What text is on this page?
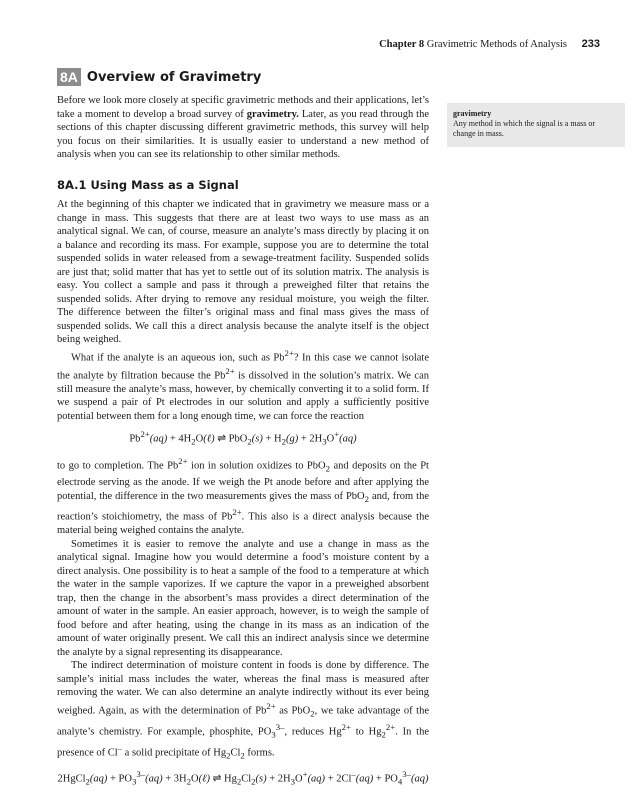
Chapter 8 Gravimetric Methods of Analysis 233
8A Overview of Gravimetry

Before we look more closely at specific gravimetric methods and their applications, let’s take a moment to develop a broad survey of gravimetry. Later, as you read through the sections of this chapter discussing different gravimetric methods, this survey will help you focus on their similarities. It is usually easier to understand a new method of analysis when you can see its relationship to other similar methods.

gravimetry
Any method in which the signal is a mass or change in mass.
8A.1 Using Mass as a Signal

At the beginning of this chapter we indicated that in gravimetry we measure mass or a change in mass. This suggests that there are at least two ways to use mass as an analytical signal. We can, of course, measure an analyte’s mass directly by placing it on a balance and recording its mass. For example, suppose you are to determine the total suspended solids in water released from a sewage-treatment facility. Suspended solids are just that; solid matter that has yet to settle out of its solution matrix. The analysis is easy. You collect a sample and pass it through a preweighed filter that retains the suspended solids. After drying to remove any residual moisture, you weigh the filter. The difference between the filter’s original mass and final mass gives the mass of suspended solids. We call this a direct analysis because the analyte itself is the object being weighed.

What if the analyte is an aqueous ion, such as $Pb^{2+}$? In this case we cannot isolate the analyte by filtration because the $Pb^{2+}$ is dissolved in the solution’s matrix. We can still measure the analyte’s mass, however, by chemically converting it to a solid form. If we suspend a pair of Pt electrodes in our solution and apply a sufficiently positive potential between them for a long enough time, we can force the reaction

$Pb^{2+}(aq)$ + $4H_2O(\ell)$ ⇌ $PbO_2(s) + H_2(g) + 2H_3O^+(aq)$

to go to completion. The $Pb^{2+}$ ion in solution oxidizes to PbO$_2$ and deposits on the Pt electrode serving as the anode. If we weigh the Pt anode before and after applying the potential, the difference in the two measurements gives the mass of PbO$_2$ and, from the reaction’s stoichiometry, the mass of $Pb^{2+}$. This also is a direct analysis because the material being weighed contains the analyte.

Sometimes it is easier to remove the analyte and use a change in mass as the analytical signal. Imagine how you would determine a food’s moisture content by a direct analysis. One possibility is to heat a sample of the food to a temperature at which the water in the sample vaporizes. If we capture the vapor in a preweighed absorbent trap, then the change in the absorbent’s mass provides a direct determination of the amount of water in the sample. An easier approach, however, is to weigh the sample of food before and after heating, using the change in its mass as an indication of the amount of water originally present. We call this an indirect analysis since we determine the analyte by a signal representing its disappearance.

The indirect determination of moisture content in foods is done by difference. The sample’s initial mass includes the water, whereas the final mass is measured after removing the water. We can also determine an analyte indirectly without its ever being weighed. Again, as with the determination of $Pb^{2+}$ as PbO$_2$, we take advantage of the analyte’s chemistry. For example, phosphite, $PO_3^{3-}$, reduces $Hg^{2+}$ to $Hg_2^{2+}$. In the presence of Cl– a solid precipitate of $Hg_2Cl_2$ forms.

2HgCl$_2$(aq) + $PO_3^{3-}(aq)$ + $3H_2O(\ell)$ ⇌ $Hg_2Cl_2(s) + 2H_3O^+(aq) + 2Cl^-(aq) + PO_4^{3-}(aq)$
